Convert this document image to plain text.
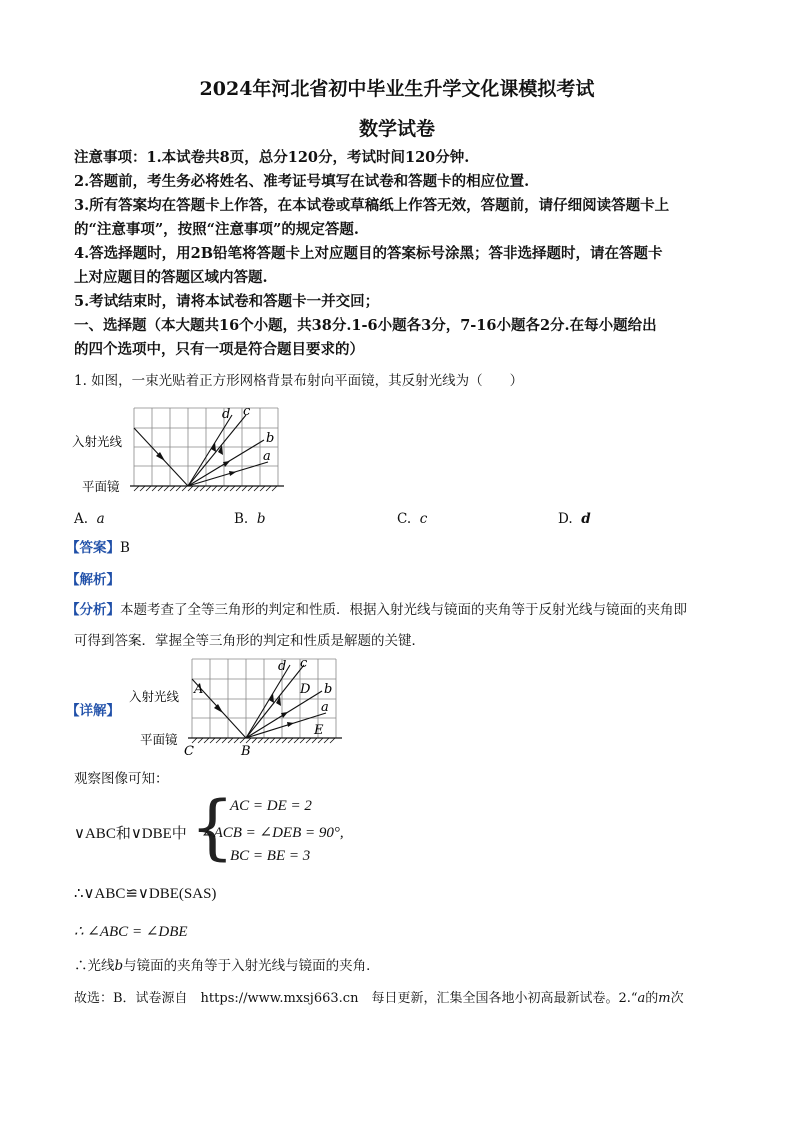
2024年河北省初中毕业生升学文化课模拟考试
数学试卷
注意事项：1.本试卷共8页，总分120分，考试时间120分钟.
2.答题前，考生务必将姓名、准考证号填写在试卷和答题卡的相应位置.
3.所有答案均在答题卡上作答，在本试卷或草稿纸上作答无效，答题前，请仔细阅读答题卡上
的“注意事项”，按照“注意事项”的规定答题.
4.答选择题时，用2B铅笔将答题卡上对应题目的答案标号涂黑；答非选择题时，请在答题卡
上对应题目的答题区域内答题.
5.考试结束时，请将本试卷和答题卡一并交回；
一、选择题（本大题共16个小题，共38分.1-6小题各3分，7-16小题各2分.在每小题给出
的四个选项中，只有一项是符合题目要求的）
1. 如图，一束光贴着正方形网格背景布射向平面镜，其反射光线为（　　）
入射光线
平面镜
d c
b
a
A. a	B. b	C. c	D. d
【答案】B
【解析】
【分析】本题考查了全等三角形的判定和性质．根据入射光线与镜面的夹角等于反射光线与镜面的夹角即
可得到答案．掌握全等三角形的判定和性质是解题的关键．
【详解】
入射光线
平面镜
d c
b
a
A
B
C
D
E
观察图像可知：
∨ABC和∨DBE中 {
AC = DE = 2
∠ACB = ∠DEB = 90°,
BC = BE = 3
∴∨ABC≌∨DBE(SAS)
∴ ∠ABC = ∠DBE
∴光线b与镜面的夹角等于入射光线与镜面的夹角．
故选：B．试卷源自　https://www.mxsj663.cn　每日更新，汇集全国各地小初高最新试卷。2.“a的m次
